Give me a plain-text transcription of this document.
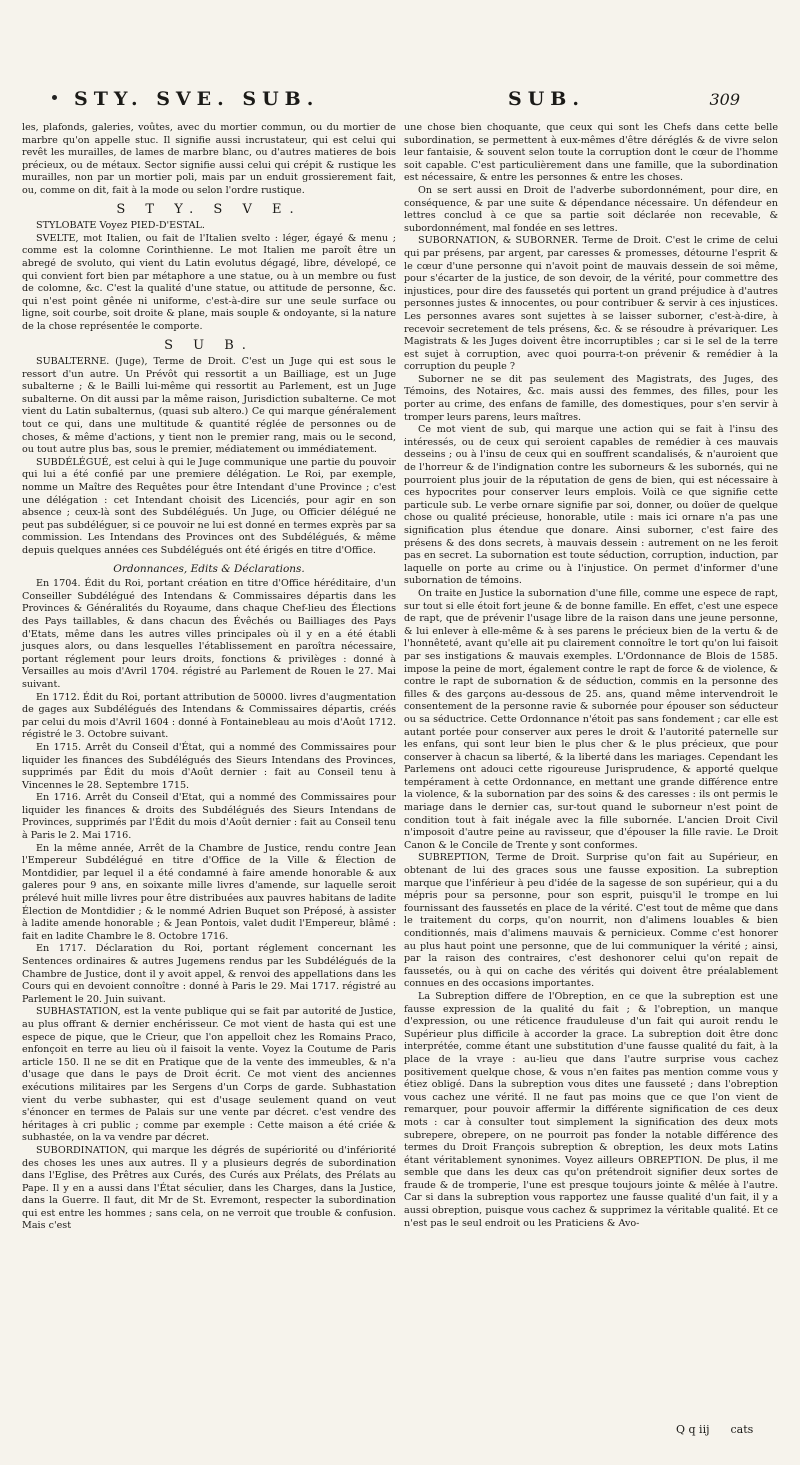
STY. SVE. SUB.	SUB.	309

les, plafonds, galeries, voûtes, avec du mortier commun, ou du mortier de marbre qu'on appelle stuc. Il signifie aussi incrustateur, qui est celui qui revêt les murailles, de lames de marbre blanc, ou d'autres matieres de bois précieux, ou de métaux. Sector signifie aussi celui qui crépit & rustique les murailles, non par un mortier poli, mais par un enduit grossierement fait, ou, comme on dit, fait à la mode ou selon l'ordre rustique.

S T Y. S V E.

STYLOBATE Voyez PIED-D'ESTAL.

SVELTE, mot Italien, ou fait de l'Italien svelto : léger, égayé & menu ; comme est la colomne Corinthienne. Le mot Italien me paroît être un abregé de svoluto, qui vient du Latin evolutus dégagé, libre, dévelopé, ce qui convient fort bien par métaphore a une statue, ou à un membre ou fust de colomne, &c. C'est la qualité d'une statue, ou attitude de personne, &c. qui n'est point gênée ni uniforme, c'est-à-dire sur une seule surface ou ligne, soit courbe, soit droite & plane, mais souple & ondoyante, si la nature de la chose représentée le comporte.

S U B.

SUBALTERNE. (Juge), Terme de Droit. C'est un Juge qui est sous le ressort d'un autre. Un Prévôt qui ressortit a un Bailliage, est un Juge subalterne ; & le Bailli lui-même qui ressortit au Parlement, est un Juge subalterne. On dit aussi par la même raison, Jurisdiction subalterne. Ce mot vient du Latin subalternus, (quasi sub altero.) Ce qui marque généralement tout ce qui, dans une multitude & quantité réglée de personnes ou de choses, & même d'actions, y tient non le premier rang, mais ou le second, ou tout autre plus bas, sous le premier, médiatement ou immédiatement.

SUBDÉLÉGUÉ, est celui à qui le Juge communique une partie du pouvoir qui lui a été confié par une premiere délégation. Le Roi, par exemple, nomme un Maître des Requêtes pour être Intendant d'une Province ; c'est une délégation : cet Intendant choisit des Licenciés, pour agir en son absence ; ceux-là sont des Subdélégués. Un Juge, ou Officier délégué ne peut pas subdéléguer, si ce pouvoir ne lui est donné en termes exprès par sa commission. Les Intendans des Provinces ont des Subdélégués, & même depuis quelques années ces Subdélégués ont été érigés en titre d'Office.

Ordonnances, Edits & Déclarations.

En 1704. Édit du Roi, portant création en titre d'Office héréditaire, d'un Conseiller Subdélégué des Intendans & Commissaires départis dans les Provinces & Généralités du Royaume, dans chaque Chef-lieu des Élections des Pays taillables, & dans chacun des Évêchés ou Bailliages des Pays d'Etats, même dans les autres villes principales où il y en a été établi jusques alors, ou dans lesquelles l'établissement en paroîtra nécessaire, portant réglement pour leurs droits, fonctions & privilèges : donné à Versailles au mois d'Avril 1704. régistré au Parlement de Rouen le 27. Mai suivant.

En 1712. Édit du Roi, portant attribution de 50000. livres d'augmentation de gages aux Subdélégués des Intendans & Commissaires départis, créés par celui du mois d'Avril 1604 : donné à Fontainebleau au mois d'Août 1712. régistré le 3. Octobre suivant.

En 1715. Arrêt du Conseil d'État, qui a nommé des Commissaires pour liquider les finances des Subdélégués des Sieurs Intendans des Provinces, supprimés par Édit du mois d'Août dernier : fait au Conseil tenu à Vincennes le 28. Septembre 1715.

En 1716. Arrêt du Conseil d'Etat, qui a nommé des Commissaires pour liquider les finances & droits des Subdélégués des Sieurs Intendans de Provinces, supprimés par l'Édit du mois d'Août dernier : fait au Conseil tenu à Paris le 2. Mai 1716.

En la même année, Arrêt de la Chambre de Justice, rendu contre Jean l'Empereur Subdélégué en titre d'Office de la Ville & Élection de Montdidier, par lequel il a été condamné à faire amende honorable & aux galeres pour 9 ans, en soixante mille livres d'amende, sur laquelle seroit prélevé huit mille livres pour être distribuées aux pauvres habitans de ladite Élection de Montdidier ; & le nommé Adrien Buquet son Préposé, à assister à ladite amende honorable ; & Jean Pontois, valet dudit l'Empereur, blâmé : fait en ladite Chambre le 8. Octobre 1716.

En 1717. Déclaration du Roi, portant réglement concernant les Sentences ordinaires & autres Jugemens rendus par les Subdélégués de la Chambre de Justice, dont il y avoit appel, & renvoi des appellations dans les Cours qui en devoient connoître : donné à Paris le 29. Mai 1717. régistré au Parlement le 20. Juin suivant.

SUBHASTATION, est la vente publique qui se fait par autorité de Justice, au plus offrant & dernier enchérisseur. Ce mot vient de hasta qui est une espece de pique, que le Crieur, que l'on appelloit chez les Romains Praco, enfonçoit en terre au lieu où il faisoit la vente. Voyez la Coutume de Paris article 150. Il ne se dit en Pratique que de la vente des immeubles, & n'a d'usage que dans le pays de Droit écrit. Ce mot vient des anciennes exécutions militaires par les Sergens d'un Corps de garde. Subhastation vient du verbe subhaster, qui est d'usage seulement quand on veut s'énoncer en termes de Palais sur une vente par décret. c'est vendre des héritages à cri public ; comme par exemple : Cette maison a été criée & subhastée, on la va vendre par décret.

SUBORDINATION, qui marque les dégrés de supériorité ou d'infériorité des choses les unes aux autres. Il y a plusieurs degrés de subordination dans l'Eglise, des Prêtres aux Curés, des Curés aux Prélats, des Prélats au Pape. Il y en a aussi dans l'État séculier, dans les Charges, dans la Justice, dans la Guerre. Il faut, dit Mr de St. Evremont, respecter la subordination qui est entre les hommes ; sans cela, on ne verroit que trouble & confusion. Mais c'est

une chose bien choquante, que ceux qui sont les Chefs dans cette belle subordination, se permettent à eux-mêmes d'être déréglés & de vivre selon leur fantaisie, & souvent selon toute la corruption dont le cœur de l'homme soit capable. C'est particulièrement dans une famille, que la subordination est nécessaire, & entre les personnes & entre les choses.

On se sert aussi en Droit de l'adverbe subordonnément, pour dire, en conséquence, & par une suite & dépendance nécessaire. Un défendeur en lettres conclud à ce que sa partie soit déclarée non recevable, & subordonnément, mal fondée en ses lettres.

SUBORNATION, & SUBORNER. Terme de Droit. C'est le crime de celui qui par présens, par argent, par caresses & promesses, détourne l'esprit & le cœur d'une personne qui n'avoit point de mauvais dessein de soi même, pour s'écarter de la justice, de son devoir, de la vérité, pour commettre des injustices, pour dire des faussetés qui portent un grand préjudice à d'autres personnes justes & innocentes, ou pour contribuer & servir à ces injustices. Les personnes avares sont sujettes à se laisser suborner, c'est-à-dire, à recevoir secretement de tels présens, &c. & se résoudre à prévariquer. Les Magistrats & les Juges doivent être incorruptibles ; car si le sel de la terre est sujet à corruption, avec quoi pourra-t-on prévenir & remédier à la corruption du peuple ?

Suborner ne se dit pas seulement des Magistrats, des Juges, des Témoins, des Notaires, &c. mais aussi des femmes, des filles, pour les porter au crime, des enfans de famille, des domestiques, pour s'en servir à tromper leurs parens, leurs maîtres.

Ce mot vient de sub, qui marque une action qui se fait à l'insu des intéressés, ou de ceux qui seroient capables de remédier à ces mauvais desseins ; ou à l'insu de ceux qui en souffrent scandalisés, & n'auroient que de l'horreur & de l'indignation contre les suborneurs & les subornés, qui ne pourroient plus jouir de la réputation de gens de bien, qui est nécessaire à ces hypocrites pour conserver leurs emplois. Voilà ce que signifie cette particule sub. Le verbe ornare signifie par soi, donner, ou doüer de quelque chose ou qualité précieuse, honorable, utile : mais ici ornare n'a pas une signification plus étendue que donare. Ainsi suborner, c'est faire des présens & des dons secrets, à mauvais dessein : autrement on ne les feroit pas en secret. La subornation est toute séduction, corruption, induction, par laquelle on porte au crime ou à l'injustice. On permet d'informer d'une subornation de témoins.

On traite en Justice la subornation d'une fille, comme une espece de rapt, sur tout si elle étoit fort jeune & de bonne famille. En effet, c'est une espece de rapt, que de prévenir l'usage libre de la raison dans une jeune personne, & lui enlever à elle-même & à ses parens le précieux bien de la vertu & de l'honnêteté, avant qu'elle ait pu clairement connoître le tort qu'on lui faisoit par ses instigations & mauvais exemples. L'Ordonnance de Blois de 1585. impose la peine de mort, également contre le rapt de force & de violence, & contre le rapt de subornation & de séduction, commis en la personne des filles & des garçons au-dessous de 25. ans, quand même intervendroit le consentement de la personne ravie & subornée pour épouser son séducteur ou sa séductrice. Cette Ordonnance n'étoit pas sans fondement ; car elle est autant portée pour conserver aux peres le droit & l'autorité paternelle sur les enfans, qui sont leur bien le plus cher & le plus précieux, que pour conserver à chacun sa liberté, & la liberté dans les mariages. Cependant les Parlemens ont adouci cette rigoureuse Jurisprudence, & apporté quelque tempérament à cette Ordonnance, en mettant une grande différence entre la violence, & la subornation par des soins & des caresses : ils ont permis le mariage dans le dernier cas, sur-tout quand le suborneur n'est point de condition tout à fait inégale avec la fille subornée. L'ancien Droit Civil n'imposoit d'autre peine au ravisseur, que d'épouser la fille ravie. Le Droit Canon & le Concile de Trente y sont conformes.

SUBREPTION, Terme de Droit. Surprise qu'on fait au Supérieur, en obtenant de lui des graces sous une fausse exposition. La subreption marque que l'inférieur à peu d'idée de la sagesse de son supérieur, qui a du mépris pour sa personne, pour son esprit, puisqu'il le trompe en lui fournissant des faussetés en place de la vérité. C'est tout de même que dans le traitement du corps, qu'on nourrit, non d'alimens louables & bien conditionnés, mais d'alimens mauvais & pernicieux. Comme c'est honorer au plus haut point une personne, que de lui communiquer la vérité ; ainsi, par la raison des contraires, c'est deshonorer celui qu'on repait de faussetés, ou à qui on cache des vérités qui doivent être préalablement connues en des occasions importantes.

La Subreption differe de l'Obreption, en ce que la subreption est une fausse expression de la qualité du fait ; & l'obreption, un manque d'expression, ou une réticence frauduleuse d'un fait qui auroit rendu le Supérieur plus difficile à accorder la grace. La subreption doit être donc interprétée, comme étant une substitution d'une fausse qualité du fait, à la place de la vraye : au-lieu que dans l'autre surprise vous cachez positivement quelque chose, & vous n'en faites pas mention comme vous y étiez obligé. Dans la subreption vous dites une fausseté ; dans l'obreption vous cachez une vérité. Il ne faut pas moins que ce que l'on vient de remarquer, pour pouvoir affermir la différente signification de ces deux mots : car à consulter tout simplement la signification des deux mots subrepere, obrepere, on ne pourroit pas fonder la notable différence des termes du Droit François subreption & obreption, les deux mots Latins étant véritablement synonimes. Voyez ailleurs OBREPTION. De plus, il me semble que dans les deux cas qu'on prétendroit signifier deux sortes de fraude & de tromperie, l'une est presque toujours jointe & mêlée à l'autre. Car si dans la subreption vous rapportez une fausse qualité d'un fait, il y a aussi obreption, puisque vous cachez & supprimez la véritable qualité. Et ce n'est pas le seul endroit ou les Praticiens & Avo-

Q q iij cats
